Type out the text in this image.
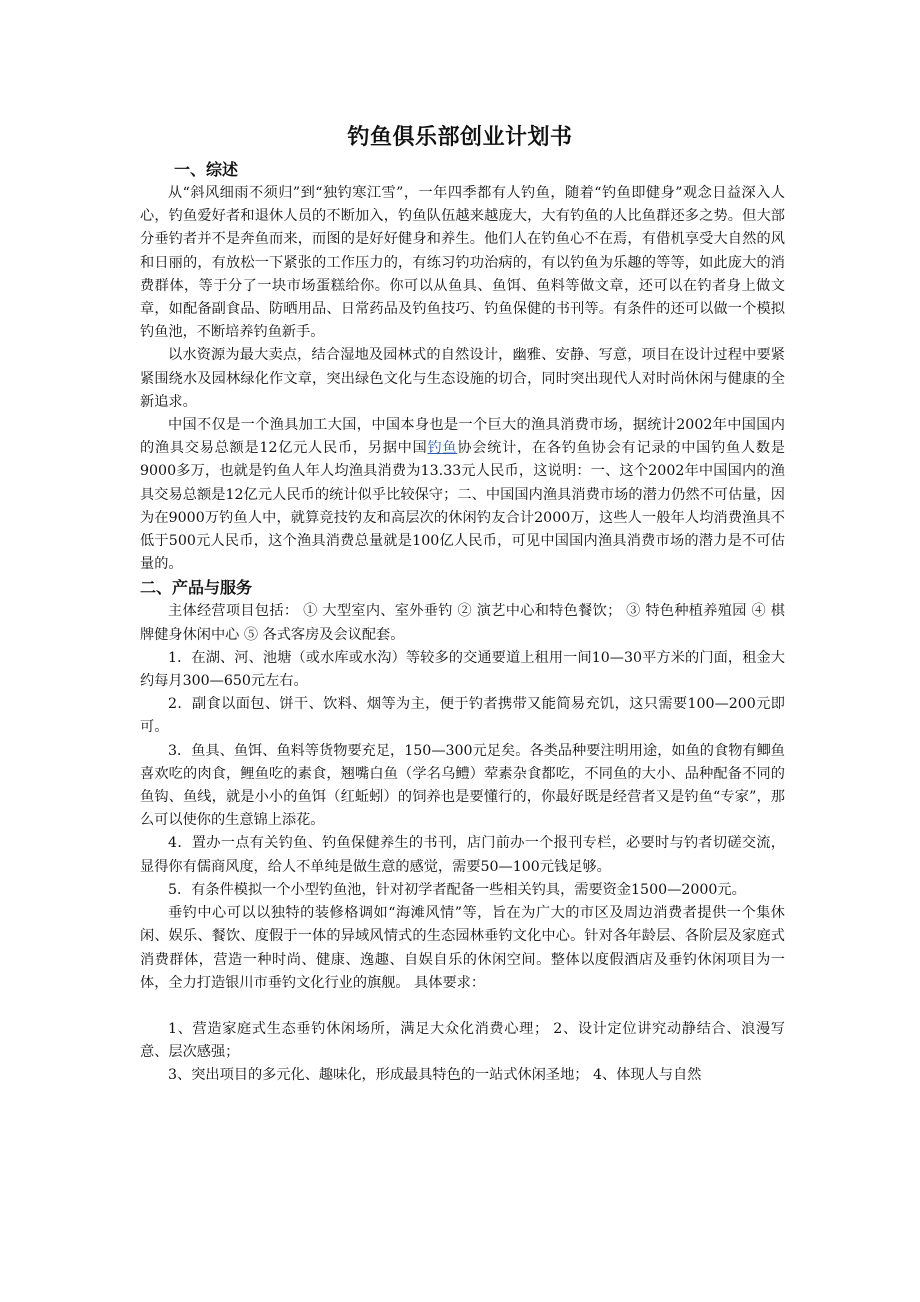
钓鱼俱乐部创业计划书
一、综述

从“斜风细雨不须归”到“独钓寒江雪”，一年四季都有人钓鱼，随着“钓鱼即健身”观念日益深入人心，钓鱼爱好者和退休人员的不断加入，钓鱼队伍越来越庞大，大有钓鱼的人比鱼群还多之势。但大部分垂钓者并不是奔鱼而来，而图的是好好健身和养生。他们人在钓鱼心不在焉，有借机享受大自然的风和日丽的，有放松一下紧张的工作压力的，有练习钓功治病的，有以钓鱼为乐趣的等等，如此庞大的消费群体，等于分了一块市场蛋糕给你。你可以从鱼具、鱼饵、鱼料等做文章，还可以在钓者身上做文章，如配备副食品、防晒用品、日常药品及钓鱼技巧、钓鱼保健的书刊等。有条件的还可以做一个模拟钓鱼池，不断培养钓鱼新手。

以水资源为最大卖点，结合湿地及园林式的自然设计，幽雅、安静、写意，项目在设计过程中要紧紧围绕水及园林绿化作文章，突出绿色文化与生态设施的切合，同时突出现代人对时尚休闲与健康的全新追求。

中国不仅是一个渔具加工大国，中国本身也是一个巨大的渔具消费市场，据统计2002年中国国内的渔具交易总额是12亿元人民币，另据中国钓鱼协会统计，在各钓鱼协会有记录的中国钓鱼人数是9000多万，也就是钓鱼人年人均渔具消费为13.33元人民币，这说明：一、这个2002年中国国内的渔具交易总额是12亿元人民币的统计似乎比较保守；二、中国国内渔具消费市场的潜力仍然不可估量，因为在9000万钓鱼人中，就算竞技钓友和高层次的休闲钓友合计2000万，这些人一般年人均消费渔具不低于500元人民币，这个渔具消费总量就是100亿人民币，可见中国国内渔具消费市场的潜力是不可估量的。

二、产品与服务

主体经营项目包括： ① 大型室内、室外垂钓 ② 演艺中心和特色餐饮； ③ 特色种植养殖园 ④ 棋牌健身休闲中心 ⑤ 各式客房及会议配套。

1．在湖、河、池塘（或水库或水沟）等较多的交通要道上租用一间10—30平方米的门面，租金大约每月300—650元左右。

2．副食以面包、饼干、饮料、烟等为主，便于钓者携带又能简易充饥，这只需要100—200元即可。

3．鱼具、鱼饵、鱼料等货物要充足，150—300元足矣。各类品种要注明用途，如鱼的食物有鲫鱼喜欢吃的肉食，鲤鱼吃的素食，翘嘴白鱼（学名乌鳢）荤素杂食都吃，不同鱼的大小、品种配备不同的鱼钩、鱼线，就是小小的鱼饵（红蚯蚓）的饲养也是要懂行的，你最好既是经营者又是钓鱼“专家”，那么可以使你的生意锦上添花。

4．置办一点有关钓鱼、钓鱼保健养生的书刊，店门前办一个报刊专栏，必要时与钓者切磋交流，显得你有儒商风度，给人不单纯是做生意的感觉，需要50—100元钱足够。

5．有条件模拟一个小型钓鱼池，针对初学者配备一些相关钓具，需要资金1500—2000元。

垂钓中心可以以独特的装修格调如“海滩风情”等，旨在为广大的市区及周边消费者提供一个集休闲、娱乐、餐饮、度假于一体的异域风情式的生态园林垂钓文化中心。针对各年龄层、各阶层及家庭式消费群体，营造一种时尚、健康、逸趣、自娱自乐的休闲空间。整体以度假酒店及垂钓休闲项目为一体，全力打造银川市垂钓文化行业的旗舰。 具体要求：

1、营造家庭式生态垂钓休闲场所，满足大众化消费心理； 2、设计定位讲究动静结合、浪漫写意、层次感强；

3、突出项目的多元化、趣味化，形成最具特色的一站式休闲圣地； 4、体现人与自然
